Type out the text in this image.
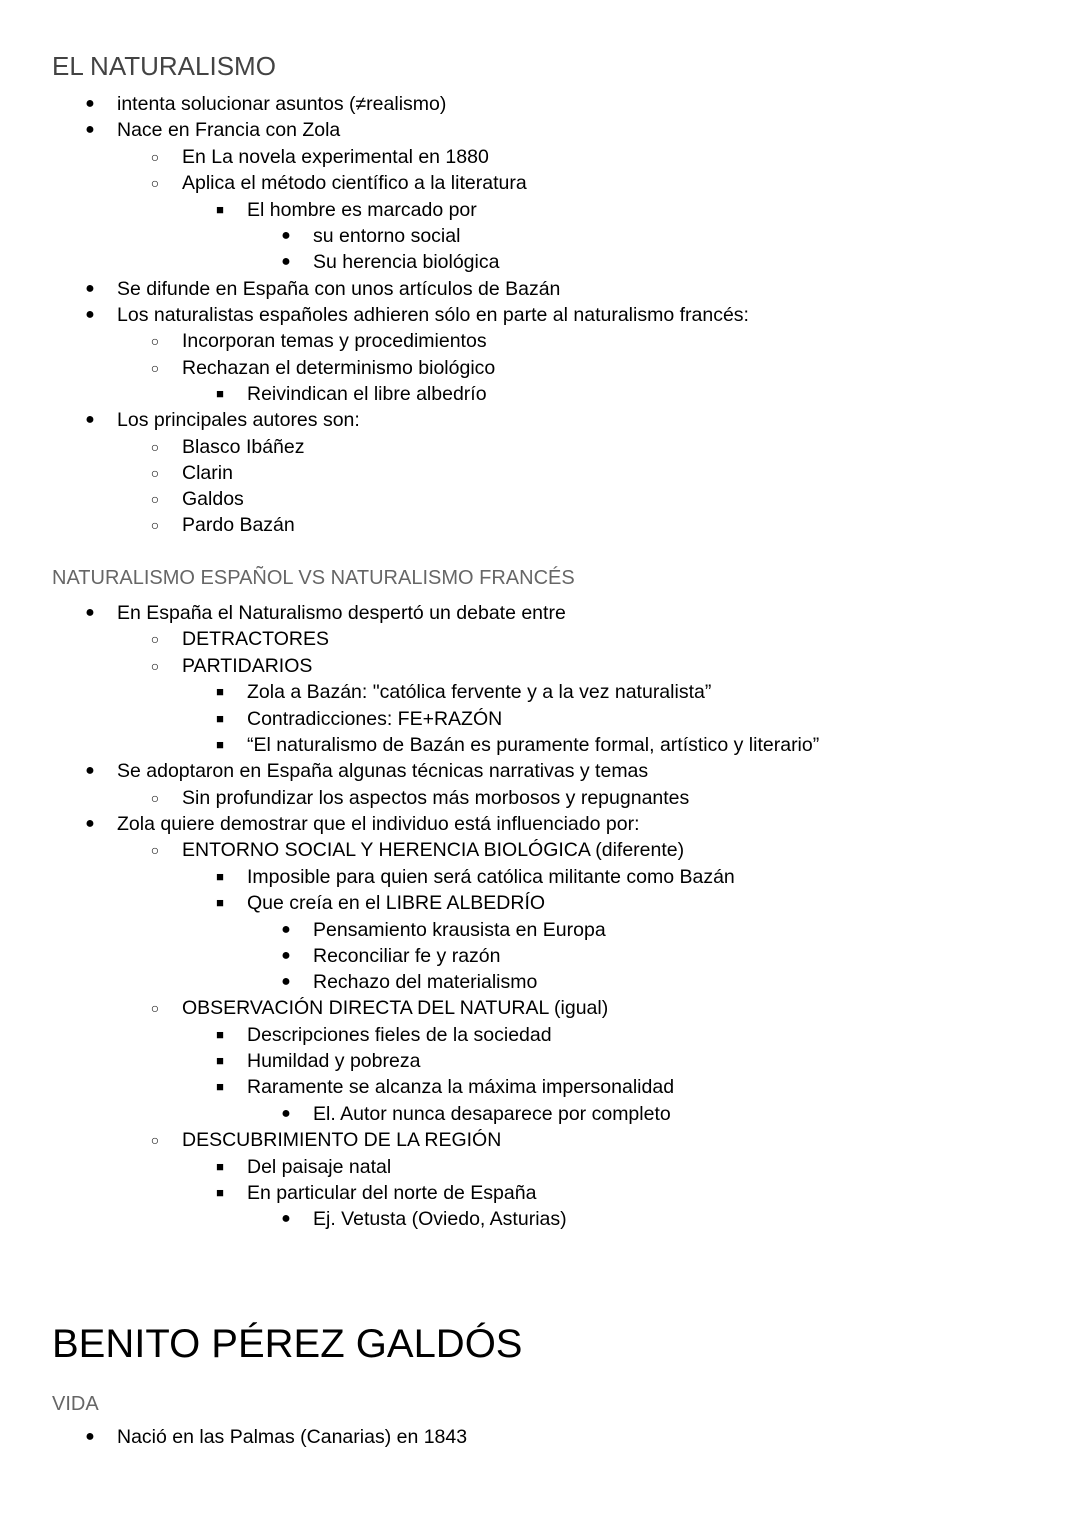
EL NATURALISMO
● intenta solucionar asuntos (≠realismo)
● Nace en Francia con Zola
○ En La novela experimental en 1880
○ Aplica el método científico a la literatura
■	El hombre es marcado por
● su entorno social
● Su herencia biológica
● Se difunde en España con unos artículos de Bazán
● Los naturalistas españoles adhieren sólo en parte al naturalismo francés:
○ Incorporan temas y procedimientos
○ Rechazan el determinismo biológico
■	Reivindican el libre albedrío
● Los principales autores son:
○ Blasco Ibáñez
○ Clarin
○ Galdos
○ Pardo Bazán
NATURALISMO ESPAÑOL VS NATURALISMO FRANCÉS
● En España el Naturalismo despertó un debate entre
○ DETRACTORES
○ PARTIDARIOS
■	Zola a Bazán: "católica fervente y a la vez naturalista”
■	Contradicciones: FE+RAZÓN
■	“El naturalismo de Bazán es puramente formal, artístico y literario”
● Se adoptaron en España algunas técnicas narrativas y temas
○ Sin profundizar los aspectos más morbosos y repugnantes
● Zola quiere demostrar que el individuo está influenciado por:
○ ENTORNO SOCIAL Y HERENCIA BIOLÓGICA (diferente)
■	Imposible para quien será católica militante como Bazán
■	Que creía en el LIBRE ALBEDRÍO
● Pensamiento krausista en Europa
● Reconciliar fe y razón
● Rechazo del materialismo
○ OBSERVACIÓN DIRECTA DEL NATURAL (igual)
■	Descripciones fieles de la sociedad
■	Humildad y pobreza
■	Raramente se alcanza la máxima impersonalidad
● El. Autor nunca desaparece por completo
○ DESCUBRIMIENTO DE LA REGIÓN
■	Del paisaje natal
■	En particular del norte de España
● Ej. Vetusta (Oviedo, Asturias)
BENITO PÉREZ GALDÓS
VIDA
● Nació en las Palmas (Canarias) en 1843
